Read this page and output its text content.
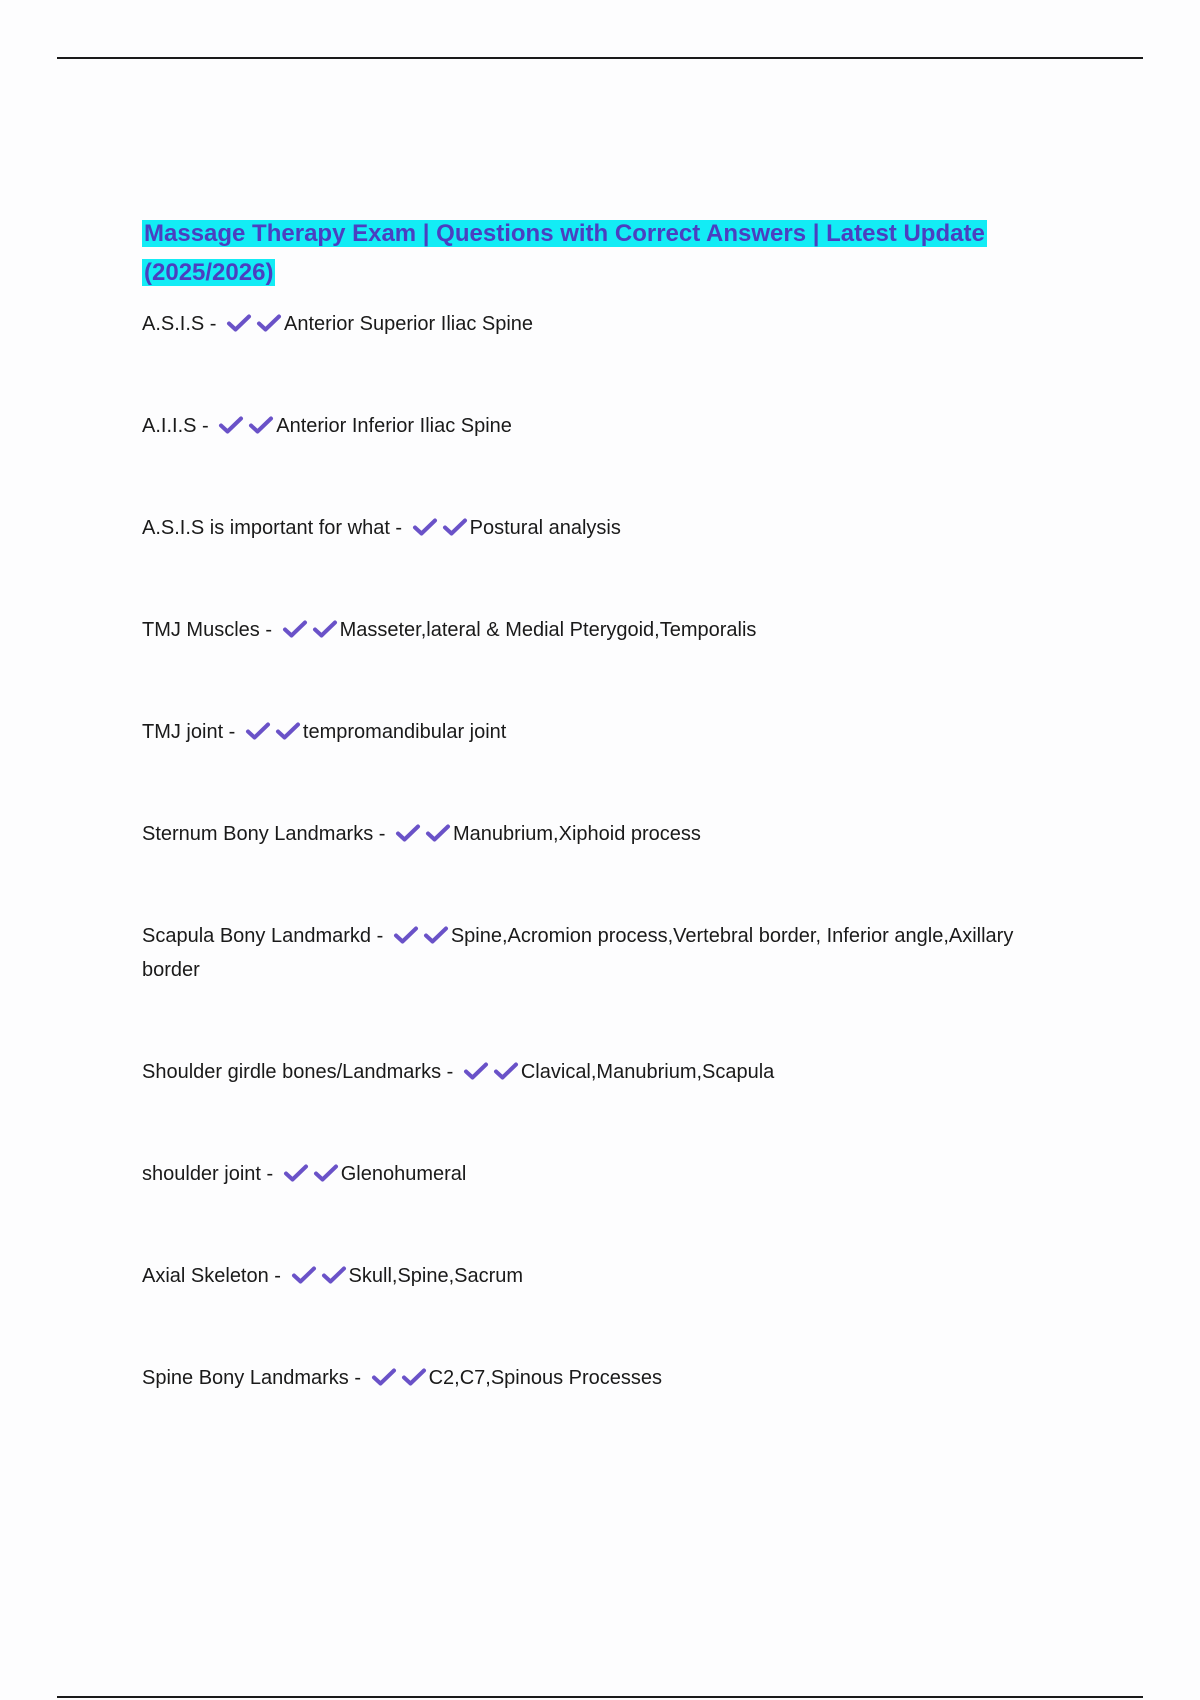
Massage Therapy Exam | Questions with Correct Answers | Latest Update (2025/2026)
A.S.I.S -	Anterior Superior Iliac Spine
A.I.I.S -	Anterior Inferior Iliac Spine
A.S.I.S is important for what -	Postural analysis
TMJ Muscles -	Masseter,lateral & Medial Pterygoid,Temporalis
TMJ joint -	tempromandibular joint
Sternum Bony Landmarks -	Manubrium,Xiphoid process
Scapula Bony Landmarkd -	Spine,Acromion process,Vertebral border, Inferior angle,Axillary border
Shoulder girdle bones/Landmarks -	Clavical,Manubrium,Scapula
shoulder joint -	Glenohumeral
Axial Skeleton -	Skull,Spine,Sacrum
Spine Bony Landmarks -	C2,C7,Spinous Processes
